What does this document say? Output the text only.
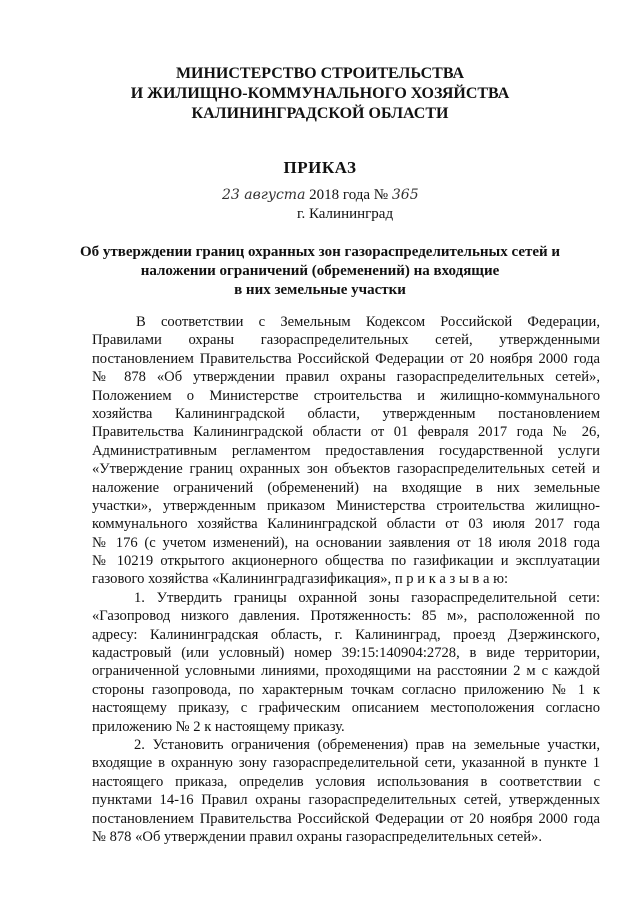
МИНИСТЕРСТВО СТРОИТЕЛЬСТВА
И ЖИЛИЩНО-КОММУНАЛЬНОГО ХОЗЯЙСТВА
КАЛИНИНГРАДСКОЙ ОБЛАСТИ
ПРИКАЗ
23 августа 2018 года № 365
г. Калининград
Об утверждении границ охранных зон газораспределительных сетей и
наложении ограничений (обременений) на входящие
в них земельные участки

В соответствии с Земельным Кодексом Российской Федерации,
Правилами охраны газораспределительных сетей, утвержденными
постановлением Правительства Российской Федерации от 20 ноября 2000 года
№ 878 «Об утверждении правил охраны газораспределительных сетей»,
Положением о Министерстве строительства и жилищно-коммунального
хозяйства Калининградской области, утвержденным постановлением
Правительства Калининградской области от 01 февраля 2017 года № 26,
Административным регламентом предоставления государственной услуги
«Утверждение границ охранных зон объектов газораспределительных сетей и
наложение ограничений (обременений) на входящие в них земельные
участки», утвержденным приказом Министерства строительства жилищно-
коммунального хозяйства Калининградской области от 03 июля 2017 года
№ 176 (с учетом изменений), на основании заявления от 18 июля 2018 года
№ 10219 открытого акционерного общества по газификации и эксплуатации
газового хозяйства «Калининградгазификация», п р и к а з ы в а ю:

1. Утвердить границы охранной зоны газораспределительной сети:
«Газопровод низкого давления. Протяженность: 85 м», расположенной по
адресу: Калининградская область, г. Калининград, проезд Дзержинского,
кадастровый (или условный) номер 39:15:140904:2728, в виде территории,
ограниченной условными линиями, проходящими на расстоянии 2 м с каждой
стороны газопровода, по характерным точкам согласно приложению № 1 к
настоящему приказу, с графическим описанием местоположения согласно
приложению № 2 к настоящему приказу.

2. Установить ограничения (обременения) прав на земельные участки,
входящие в охранную зону газораспределительной сети, указанной в пункте 1
настоящего приказа, определив условия использования в соответствии с
пунктами 14-16 Правил охраны газораспределительных сетей, утвержденных
постановлением Правительства Российской Федерации от 20 ноября 2000 года
№ 878 «Об утверждении правил охраны газораспределительных сетей».
